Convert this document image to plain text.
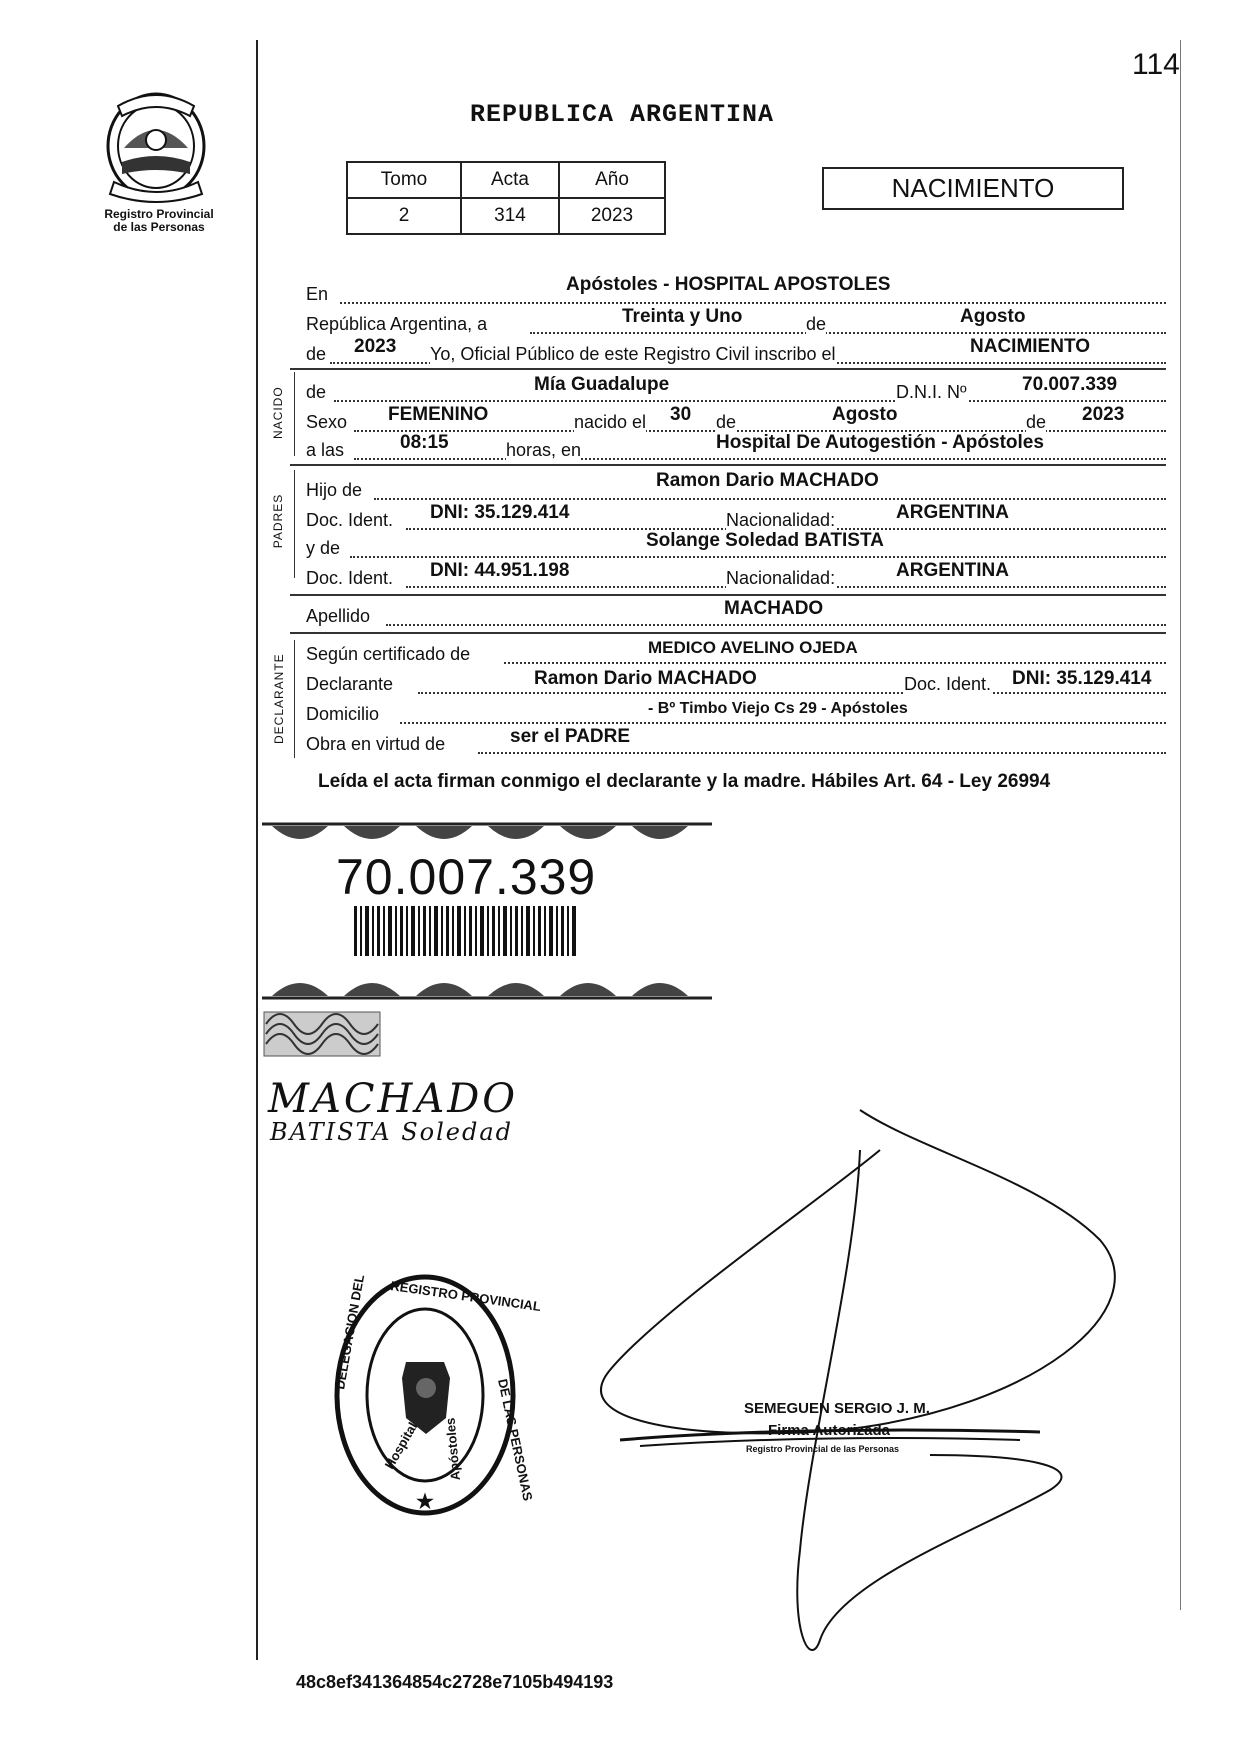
Registro Provincial
de las Personas
114
REPUBLICA ARGENTINA
Tomo	Acta	Año
2	314	2023
NACIMIENTO
En	Apóstoles - HOSPITAL APOSTOLES
República Argentina, a	Treinta y Uno	de	Agosto
de 2023 Yo, Oficial Público de este Registro Civil inscribo el	NACIMIENTO
NACIDO de	Mía Guadalupe	D.N.I. Nº	70.007.339
Sexo FEMENINO	nacido el 30 de	Agosto	de 2023
a las	08:15	horas, en	Hospital De Autogestión - Apóstoles
PADRES
Hijo de	Ramon Dario MACHADO
Doc. Ident. DNI: 35.129.414	Nacionalidad:	ARGENTINA
y de	Solange Soledad BATISTA
Doc. Ident. DNI: 44.951.198	Nacionalidad:	ARGENTINA
Apellido	MACHADO
DECLARANTE Según certificado de	MEDICO AVELINO OJEDA
Declarante	Ramon Dario MACHADO	Doc. Ident. DNI: 35.129.414
Domicilio	- Bº Timbo Viejo Cs 29 - Apóstoles
Obra en virtud de	ser el PADRE
Leída el acta firman conmigo el declarante y la madre. Hábiles Art. 64 - Ley 26994
70.007.339
MACHADO
BATISTA Soledad
★
DELEGACION DEL REGISTRO PROVINCIAL
DE LAS PERSONAS
Hospital Apóstoles
SEMEGUEN SERGIO J. M.
Firma Autorizada
Registro Provincial de las Personas
48c8ef341364854c2728e7105b494193
